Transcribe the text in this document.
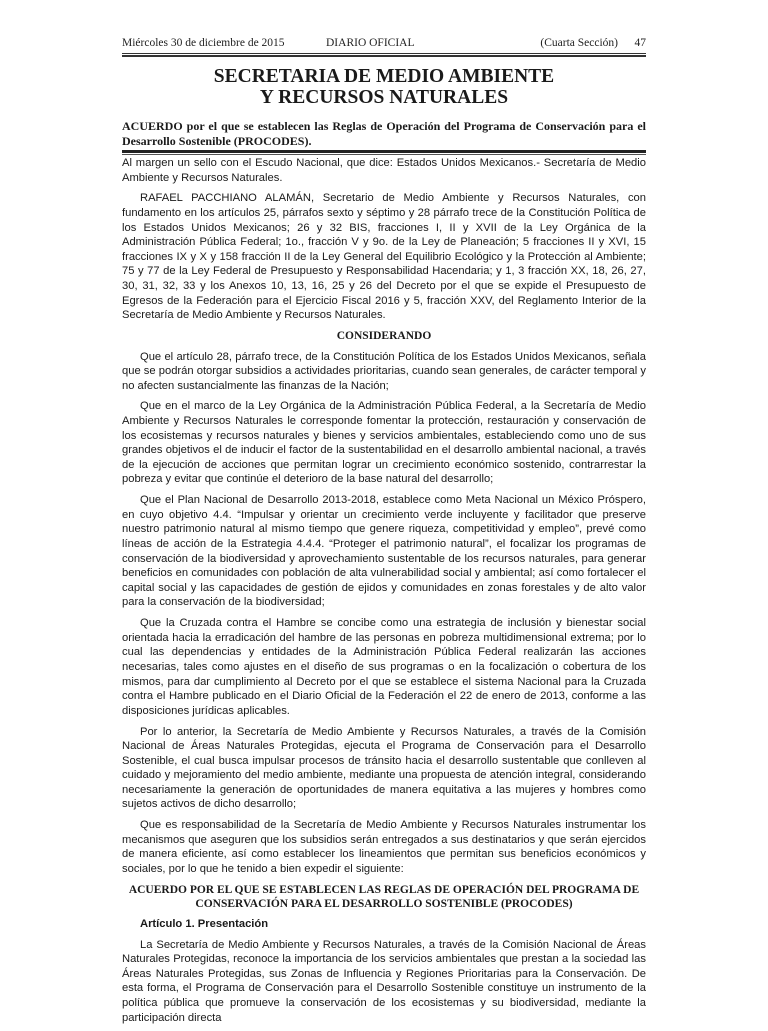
Miércoles 30 de diciembre de 2015	DIARIO OFICIAL	(Cuarta Sección) 47
SECRETARIA DE MEDIO AMBIENTE
Y RECURSOS NATURALES
ACUERDO por el que se establecen las Reglas de Operación del Programa de Conservación para el Desarrollo Sostenible (PROCODES).

Al margen un sello con el Escudo Nacional, que dice: Estados Unidos Mexicanos.- Secretaría de Medio Ambiente y Recursos Naturales.

RAFAEL PACCHIANO ALAMÁN, Secretario de Medio Ambiente y Recursos Naturales, con fundamento en los artículos 25, párrafos sexto y séptimo y 28 párrafo trece de la Constitución Política de los Estados Unidos Mexicanos; 26 y 32 BIS, fracciones I, II y XVII de la Ley Orgánica de la Administración Pública Federal; 1o., fracción V y 9o. de la Ley de Planeación; 5 fracciones II y XVI, 15 fracciones IX y X y 158 fracción II de la Ley General del Equilibrio Ecológico y la Protección al Ambiente; 75 y 77 de la Ley Federal de Presupuesto y Responsabilidad Hacendaria; y 1, 3 fracción XX, 18, 26, 27, 30, 31, 32, 33 y los Anexos 10, 13, 16, 25 y 26 del Decreto por el que se expide el Presupuesto de Egresos de la Federación para el Ejercicio Fiscal 2016 y 5, fracción XXV, del Reglamento Interior de la Secretaría de Medio Ambiente y Recursos Naturales.

CONSIDERANDO

Que el artículo 28, párrafo trece, de la Constitución Política de los Estados Unidos Mexicanos, señala que se podrán otorgar subsidios a actividades prioritarias, cuando sean generales, de carácter temporal y no afecten sustancialmente las finanzas de la Nación;

Que en el marco de la Ley Orgánica de la Administración Pública Federal, a la Secretaría de Medio Ambiente y Recursos Naturales le corresponde fomentar la protección, restauración y conservación de los ecosistemas y recursos naturales y bienes y servicios ambientales, estableciendo como uno de sus grandes objetivos el de inducir el factor de la sustentabilidad en el desarrollo ambiental nacional, a través de la ejecución de acciones que permitan lograr un crecimiento económico sostenido, contrarrestar la pobreza y evitar que continúe el deterioro de la base natural del desarrollo;

Que el Plan Nacional de Desarrollo 2013-2018, establece como Meta Nacional un México Próspero, en cuyo objetivo 4.4. “Impulsar y orientar un crecimiento verde incluyente y facilitador que preserve nuestro patrimonio natural al mismo tiempo que genere riqueza, competitividad y empleo”, prevé como líneas de acción de la Estrategia 4.4.4. “Proteger el patrimonio natural”, el focalizar los programas de conservación de la biodiversidad y aprovechamiento sustentable de los recursos naturales, para generar beneficios en comunidades con población de alta vulnerabilidad social y ambiental; así como fortalecer el capital social y las capacidades de gestión de ejidos y comunidades en zonas forestales y de alto valor para la conservación de la biodiversidad;

Que la Cruzada contra el Hambre se concibe como una estrategia de inclusión y bienestar social orientada hacia la erradicación del hambre de las personas en pobreza multidimensional extrema; por lo cual las dependencias y entidades de la Administración Pública Federal realizarán las acciones necesarias, tales como ajustes en el diseño de sus programas o en la focalización o cobertura de los mismos, para dar cumplimiento al Decreto por el que se establece el sistema Nacional para la Cruzada contra el Hambre publicado en el Diario Oficial de la Federación el 22 de enero de 2013, conforme a las disposiciones jurídicas aplicables.

Por lo anterior, la Secretaría de Medio Ambiente y Recursos Naturales, a través de la Comisión Nacional de Áreas Naturales Protegidas, ejecuta el Programa de Conservación para el Desarrollo Sostenible, el cual busca impulsar procesos de tránsito hacia el desarrollo sustentable que conlleven al cuidado y mejoramiento del medio ambiente, mediante una propuesta de atención integral, considerando necesariamente la generación de oportunidades de manera equitativa a las mujeres y hombres como sujetos activos de dicho desarrollo;

Que es responsabilidad de la Secretaría de Medio Ambiente y Recursos Naturales instrumentar los mecanismos que aseguren que los subsidios serán entregados a sus destinatarios y que serán ejercidos de manera eficiente, así como establecer los lineamientos que permitan sus beneficios económicos y sociales, por lo que he tenido a bien expedir el siguiente:

ACUERDO POR EL QUE SE ESTABLECEN LAS REGLAS DE OPERACIÓN DEL PROGRAMA DE CONSERVACIÓN PARA EL DESARROLLO SOSTENIBLE (PROCODES)

Artículo 1. Presentación

La Secretaría de Medio Ambiente y Recursos Naturales, a través de la Comisión Nacional de Áreas Naturales Protegidas, reconoce la importancia de los servicios ambientales que prestan a la sociedad las Áreas Naturales Protegidas, sus Zonas de Influencia y Regiones Prioritarias para la Conservación. De esta forma, el Programa de Conservación para el Desarrollo Sostenible constituye un instrumento de la política pública que promueve la conservación de los ecosistemas y su biodiversidad, mediante la participación directa
